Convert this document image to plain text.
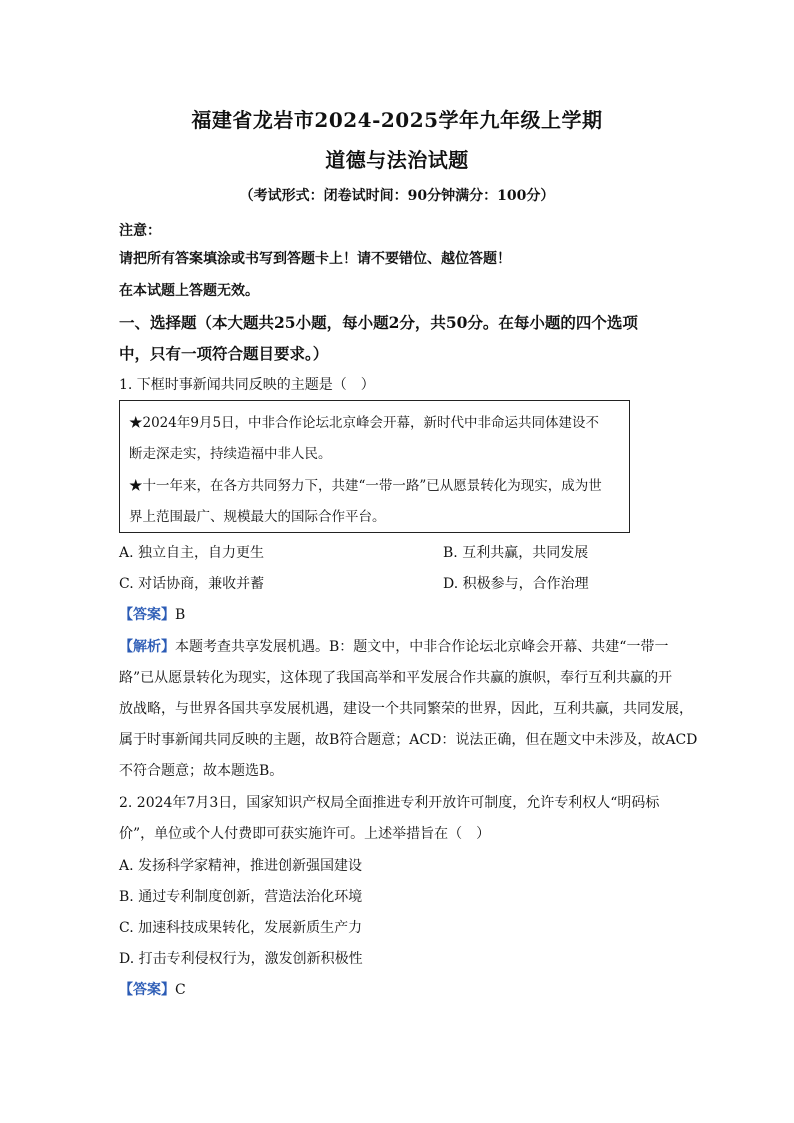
福建省龙岩市2024-2025学年九年级上学期
道德与法治试题
（考试形式：闭卷试时间：90分钟满分：100分）
注意：
请把所有答案填涂或书写到答题卡上！请不要错位、越位答题！
在本试题上答题无效。
一、选择题（本大题共25小题，每小题2分，共50分。在每小题的四个选项
中，只有一项符合题目要求。）
1. 下框时事新闻共同反映的主题是（　）
★2024年9月5日，中非合作论坛北京峰会开幕，新时代中非命运共同体建设不
断走深走实，持续造福中非人民。
★十一年来，在各方共同努力下，共建“一带一路”已从愿景转化为现实，成为世
界上范围最广、规模最大的国际合作平台。
A. 独立自主，自力更生	B. 互利共赢，共同发展
C. 对话协商，兼收并蓄	D. 积极参与，合作治理
【答案】B
【解析】本题考查共享发展机遇。B：题文中，中非合作论坛北京峰会开幕、共建“一带一
路”已从愿景转化为现实，这体现了我国高举和平发展合作共赢的旗帜，奉行互利共赢的开
放战略，与世界各国共享发展机遇，建设一个共同繁荣的世界，因此，互利共赢，共同发展，
属于时事新闻共同反映的主题，故B符合题意；ACD：说法正确，但在题文中未涉及，故ACD
不符合题意；故本题选B。
2. 2024年7月3日，国家知识产权局全面推进专利开放许可制度，允许专利权人“明码标
价”，单位或个人付费即可获实施许可。上述举措旨在（　）
A. 发扬科学家精神，推进创新强国建设
B. 通过专利制度创新，营造法治化环境
C. 加速科技成果转化，发展新质生产力
D. 打击专利侵权行为，激发创新积极性
【答案】C
